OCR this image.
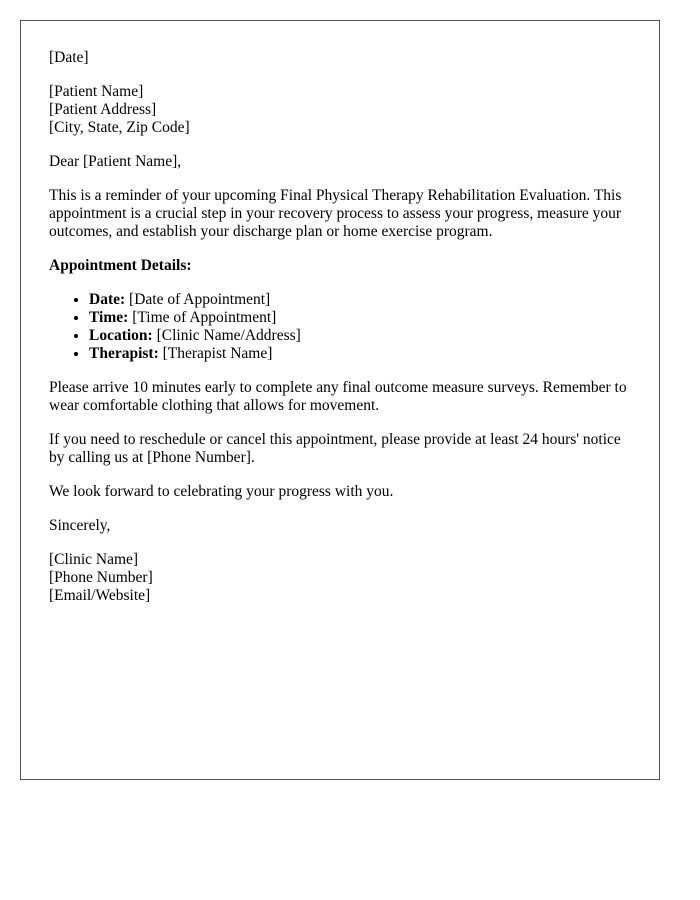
[Date]
[Patient Name]
[Patient Address]
[City, State, Zip Code]
Dear [Patient Name],
This is a reminder of your upcoming Final Physical Therapy Rehabilitation Evaluation. This appointment is a crucial step in your recovery process to assess your progress, measure your outcomes, and establish your discharge plan or home exercise program.
Appointment Details:
• Date: [Date of Appointment]
• Time: [Time of Appointment]
• Location: [Clinic Name/Address]
• Therapist: [Therapist Name]
Please arrive 10 minutes early to complete any final outcome measure surveys. Remember to wear comfortable clothing that allows for movement.
If you need to reschedule or cancel this appointment, please provide at least 24 hours' notice by calling us at [Phone Number].
We look forward to celebrating your progress with you.
Sincerely,
[Clinic Name]
[Phone Number]
[Email/Website]
